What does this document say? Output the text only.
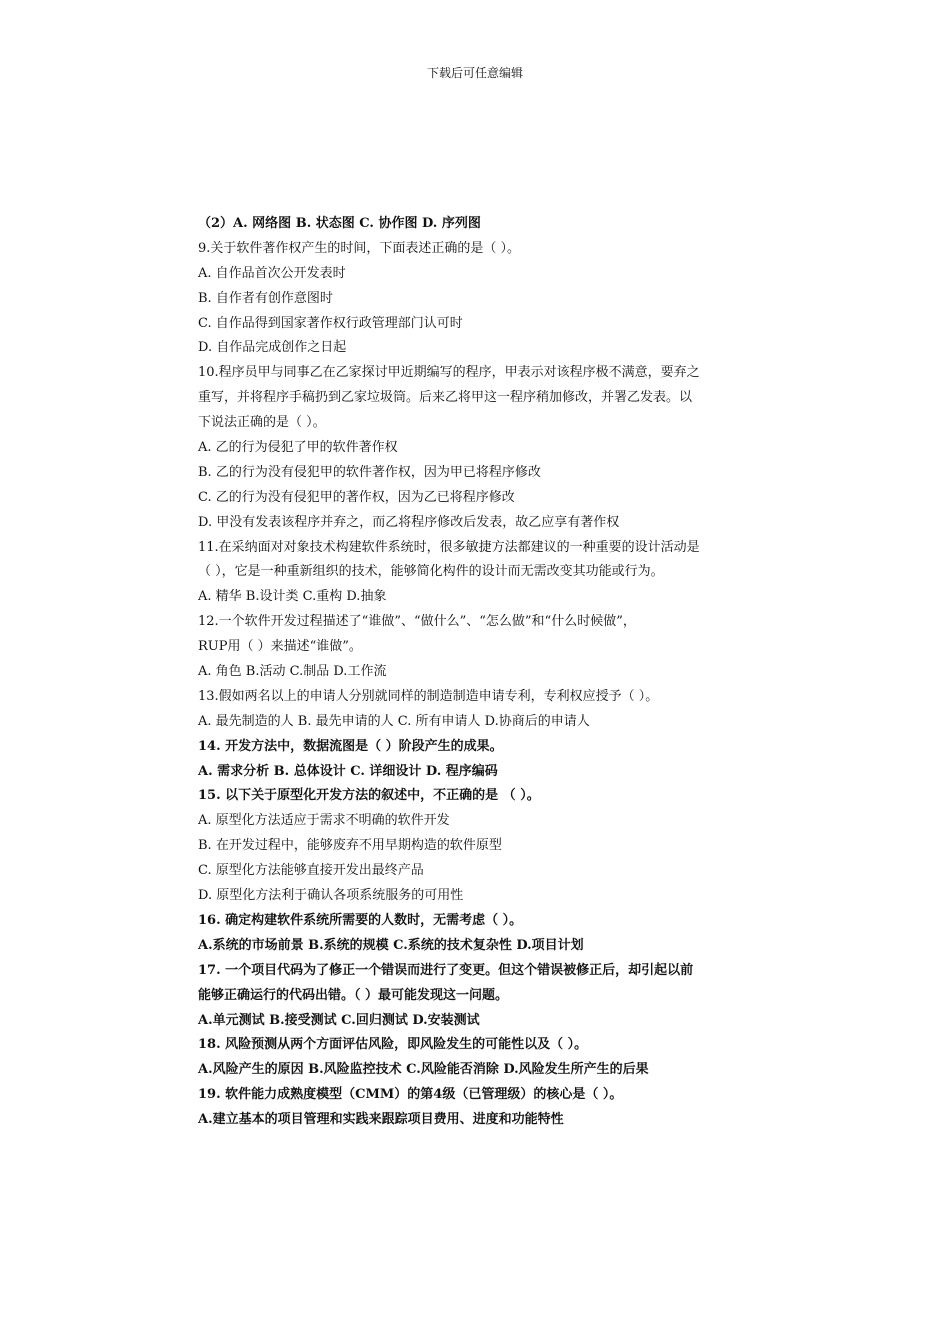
下载后可任意编辑
（2）A. 网络图 B. 状态图 C. 协作图 D. 序列图
9.关于软件著作权产生的时间，下面表述正确的是（ ）。
A. 自作品首次公开发表时
B. 自作者有创作意图时
C. 自作品得到国家著作权行政管理部门认可时
D. 自作品完成创作之日起
10.程序员甲与同事乙在乙家探讨甲近期编写的程序，甲表示对该程序极不满意，要弃之
重写，并将程序手稿扔到乙家垃圾筒。后来乙将甲这一程序稍加修改，并署乙发表。以
下说法正确的是（ ）。
A. 乙的行为侵犯了甲的软件著作权
B. 乙的行为没有侵犯甲的软件著作权，因为甲已将程序修改
C. 乙的行为没有侵犯甲的著作权，因为乙已将程序修改
D. 甲没有发表该程序并弃之，而乙将程序修改后发表，故乙应享有著作权
11.在采纳面对对象技术构建软件系统时，很多敏捷方法都建议的一种重要的设计活动是
（ ），它是一种重新组织的技术，能够简化构件的设计而无需改变其功能或行为。
A. 精华 B.设计类 C.重构 D.抽象
12.一个软件开发过程描述了“谁做”、“做什么”、“怎么做”和“什么时候做”，
RUP用（ ）来描述“谁做”。
A. 角色 B.活动 C.制品 D.工作流
13.假如两名以上的申请人分别就同样的制造制造申请专利，专利权应授予（ ）。
A. 最先制造的人 B. 最先申请的人 C. 所有申请人 D.协商后的申请人
14. 开发方法中，数据流图是（ ）阶段产生的成果。
A. 需求分析 B. 总体设计 C. 详细设计 D. 程序编码
15. 以下关于原型化开发方法的叙述中，不正确的是 （ ）。
A. 原型化方法适应于需求不明确的软件开发
B. 在开发过程中，能够废弃不用早期构造的软件原型
C. 原型化方法能够直接开发出最终产品
D. 原型化方法利于确认各项系统服务的可用性
16. 确定构建软件系统所需要的人数时，无需考虑（ ）。
A.系统的市场前景 B.系统的规模 C.系统的技术复杂性 D.项目计划
17. 一个项目代码为了修正一个错误而进行了变更。但这个错误被修正后，却引起以前
能够正确运行的代码出错。（ ）最可能发现这一问题。
A.单元测试 B.接受测试 C.回归测试 D.安装测试
18. 风险预测从两个方面评估风险，即风险发生的可能性以及（ ）。
A.风险产生的原因 B.风险监控技术 C.风险能否消除 D.风险发生所产生的后果
19. 软件能力成熟度模型（CMM）的第4级（已管理级）的核心是（ ）。
A.建立基本的项目管理和实践来跟踪项目费用、进度和功能特性
